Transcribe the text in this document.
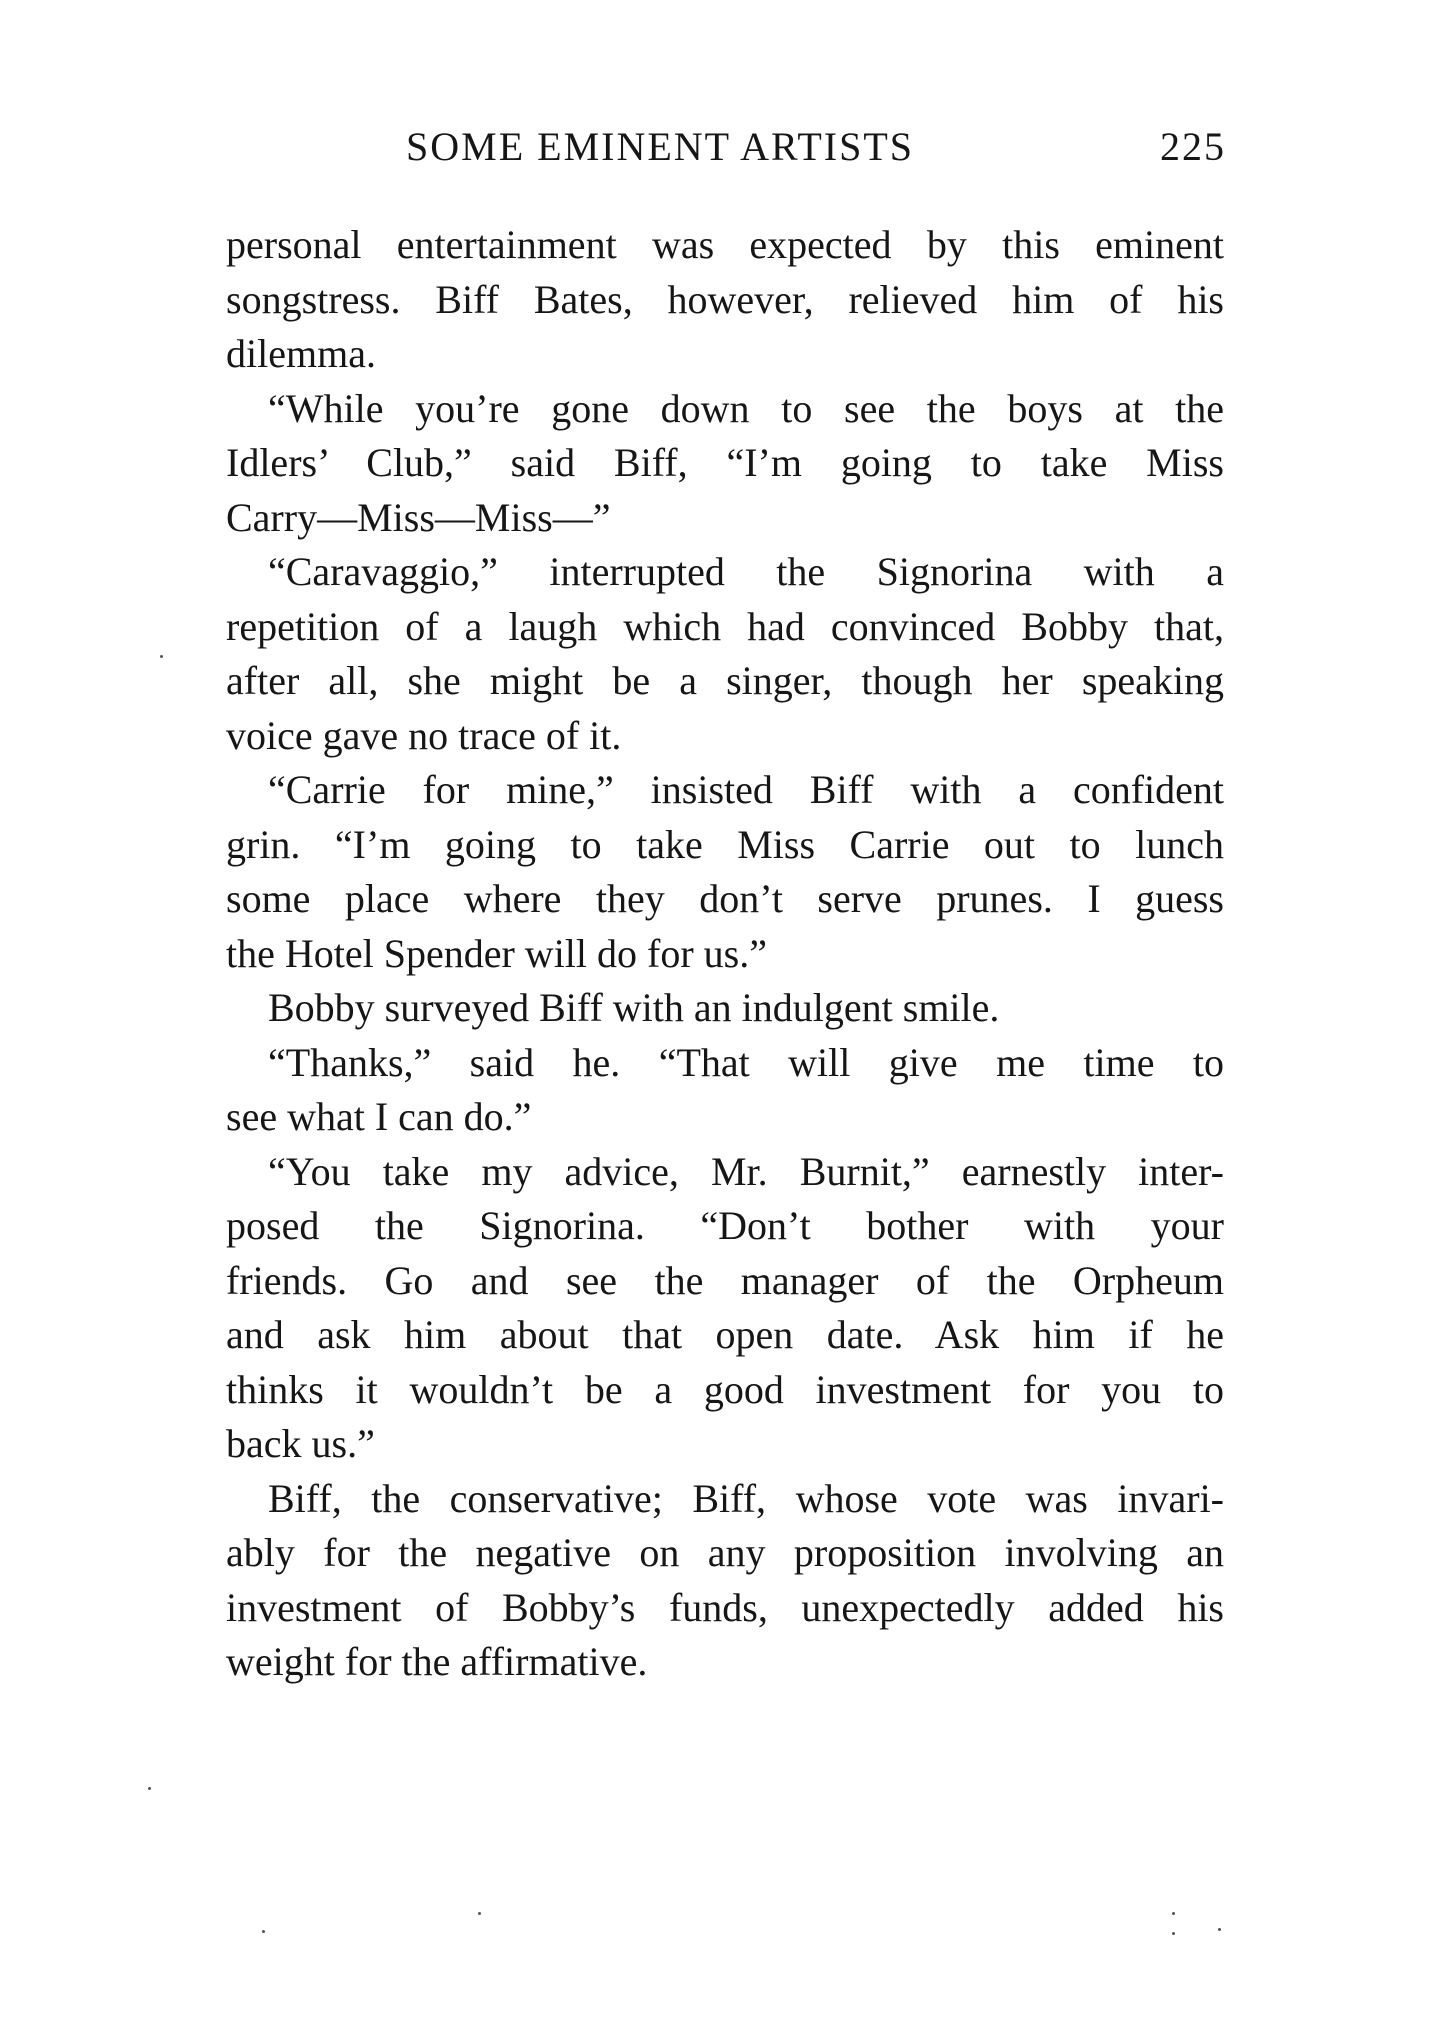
SOME EMINENT ARTISTS	225
personal entertainment was expected by this eminent
songstress. Biff Bates, however, relieved him of his
dilemma.
“While you’re gone down to see the boys at the
Idlers’ Club,” said Biff, “I’m going to take Miss
Carry—Miss—Miss—”
“Caravaggio,” interrupted the Signorina with a
repetition of a laugh which had convinced Bobby that,
after all, she might be a singer, though her speaking
voice gave no trace of it.
“Carrie for mine,” insisted Biff with a confident
grin. “I’m going to take Miss Carrie out to lunch
some place where they don’t serve prunes. I guess
the Hotel Spender will do for us.”
Bobby surveyed Biff with an indulgent smile.
“Thanks,” said he. “That will give me time to
see what I can do.”
“You take my advice, Mr. Burnit,” earnestly inter-
posed the Signorina. “Don’t bother with your
friends. Go and see the manager of the Orpheum
and ask him about that open date. Ask him if he
thinks it wouldn’t be a good investment for you to
back us.”
Biff, the conservative; Biff, whose vote was invari-
ably for the negative on any proposition involving an
investment of Bobby’s funds, unexpectedly added his
weight for the affirmative.
